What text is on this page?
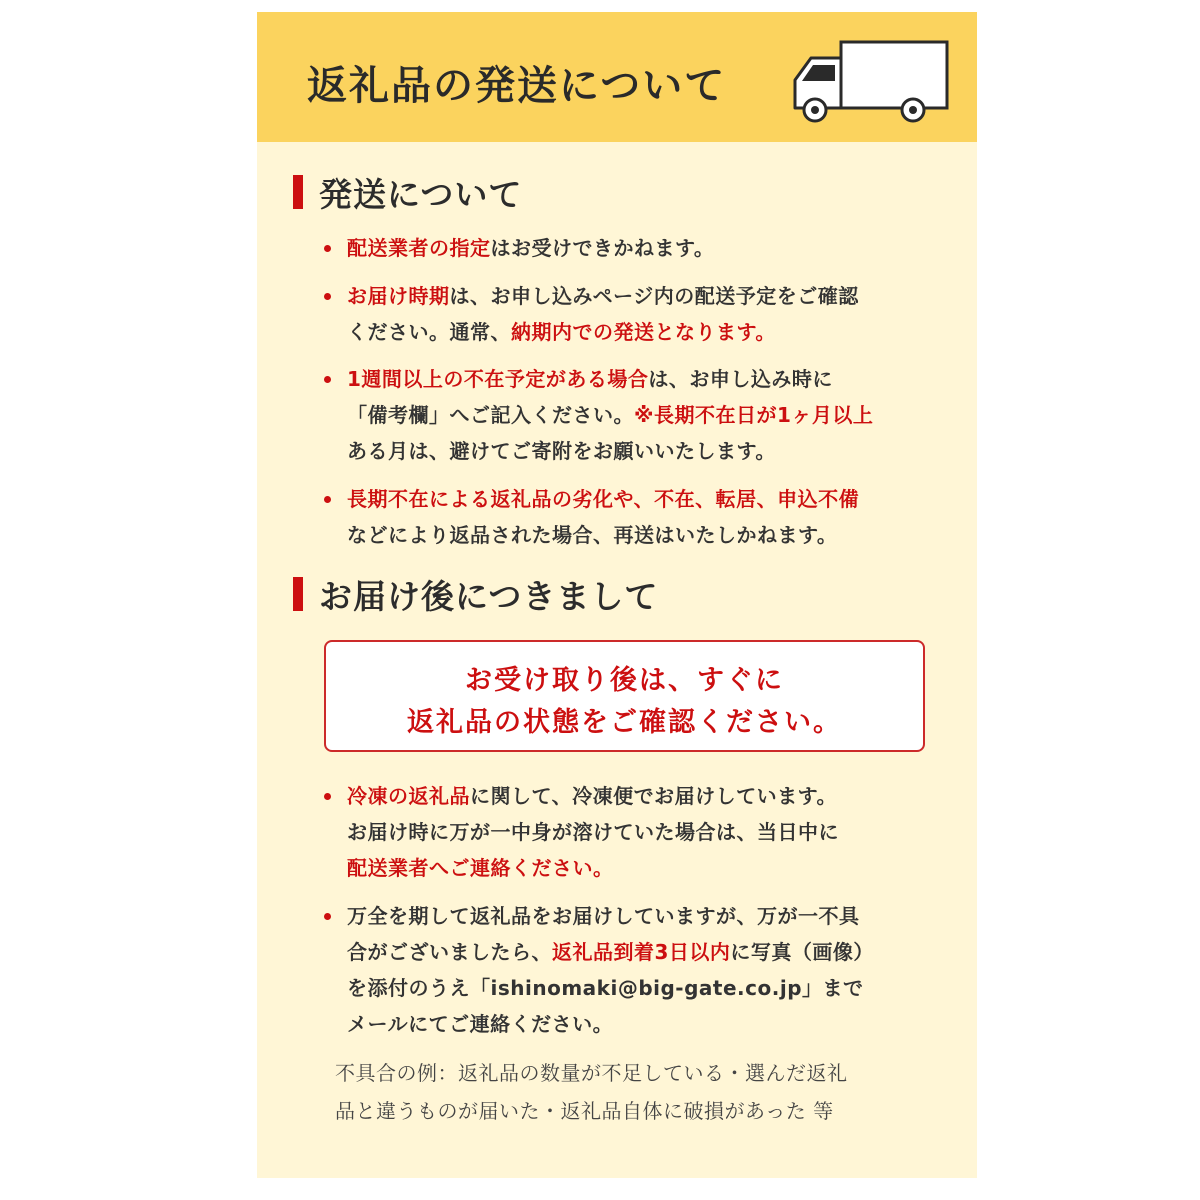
返礼品の発送について
発送について
配送業者の指定はお受けできかねます。
お届け時期は、お申し込みページ内の配送予定をご確認
ください。通常、納期内での発送となります。
1週間以上の不在予定がある場合は、お申し込み時に
「備考欄」へご記入ください。※長期不在日が1ヶ月以上
ある月は、避けてご寄附をお願いいたします。
長期不在による返礼品の劣化や、不在、転居、申込不備
などにより返品された場合、再送はいたしかねます。
お届け後につきまして
お受け取り後は、すぐに
返礼品の状態をご確認ください。
冷凍の返礼品に関して、冷凍便でお届けしています。
お届け時に万が一中身が溶けていた場合は、当日中に
配送業者へご連絡ください。
万全を期して返礼品をお届けしていますが、万が一不具
合がございましたら、返礼品到着3日以内に写真（画像）
を添付のうえ「ishinomaki@big-gate.co.jp」まで
メールにてご連絡ください。
不具合の例：返礼品の数量が不足している・選んだ返礼
品と違うものが届いた・返礼品自体に破損があった 等
